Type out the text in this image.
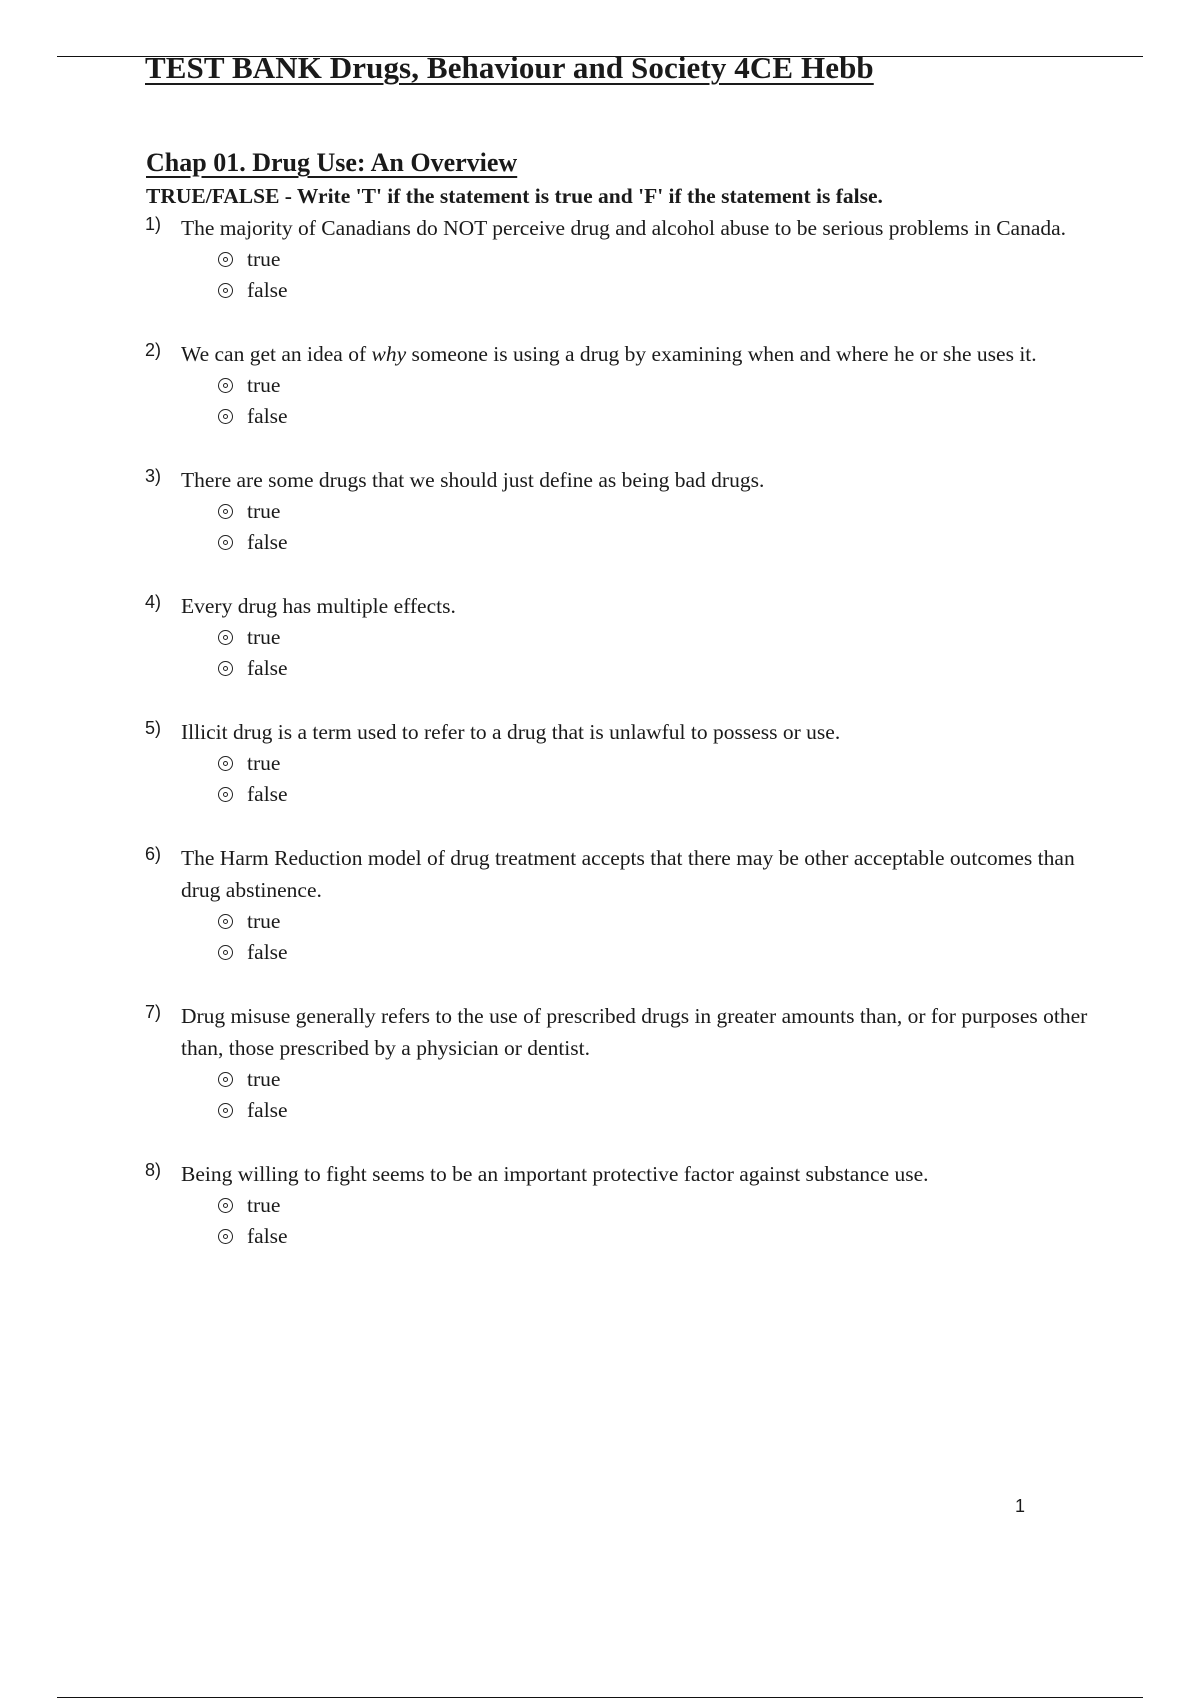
TEST BANK Drugs, Behaviour and Society 4CE Hebb
Chap 01. Drug Use: An Overview
TRUE/FALSE - Write 'T' if the statement is true and 'F' if the statement is false.
1) The majority of Canadians do NOT perceive drug and alcohol abuse to be serious problems in Canada.
true
false
2) We can get an idea of why someone is using a drug by examining when and where he or she uses it.
true
false
3) There are some drugs that we should just define as being bad drugs.
true
false
4) Every drug has multiple effects.
true
false
5) Illicit drug is a term used to refer to a drug that is unlawful to possess or use.
true
false
6) The Harm Reduction model of drug treatment accepts that there may be other acceptable outcomes than drug abstinence.
true
false
7) Drug misuse generally refers to the use of prescribed drugs in greater amounts than, or for purposes other than, those prescribed by a physician or dentist.
true
false
8) Being willing to fight seems to be an important protective factor against substance use.
true
false
1
